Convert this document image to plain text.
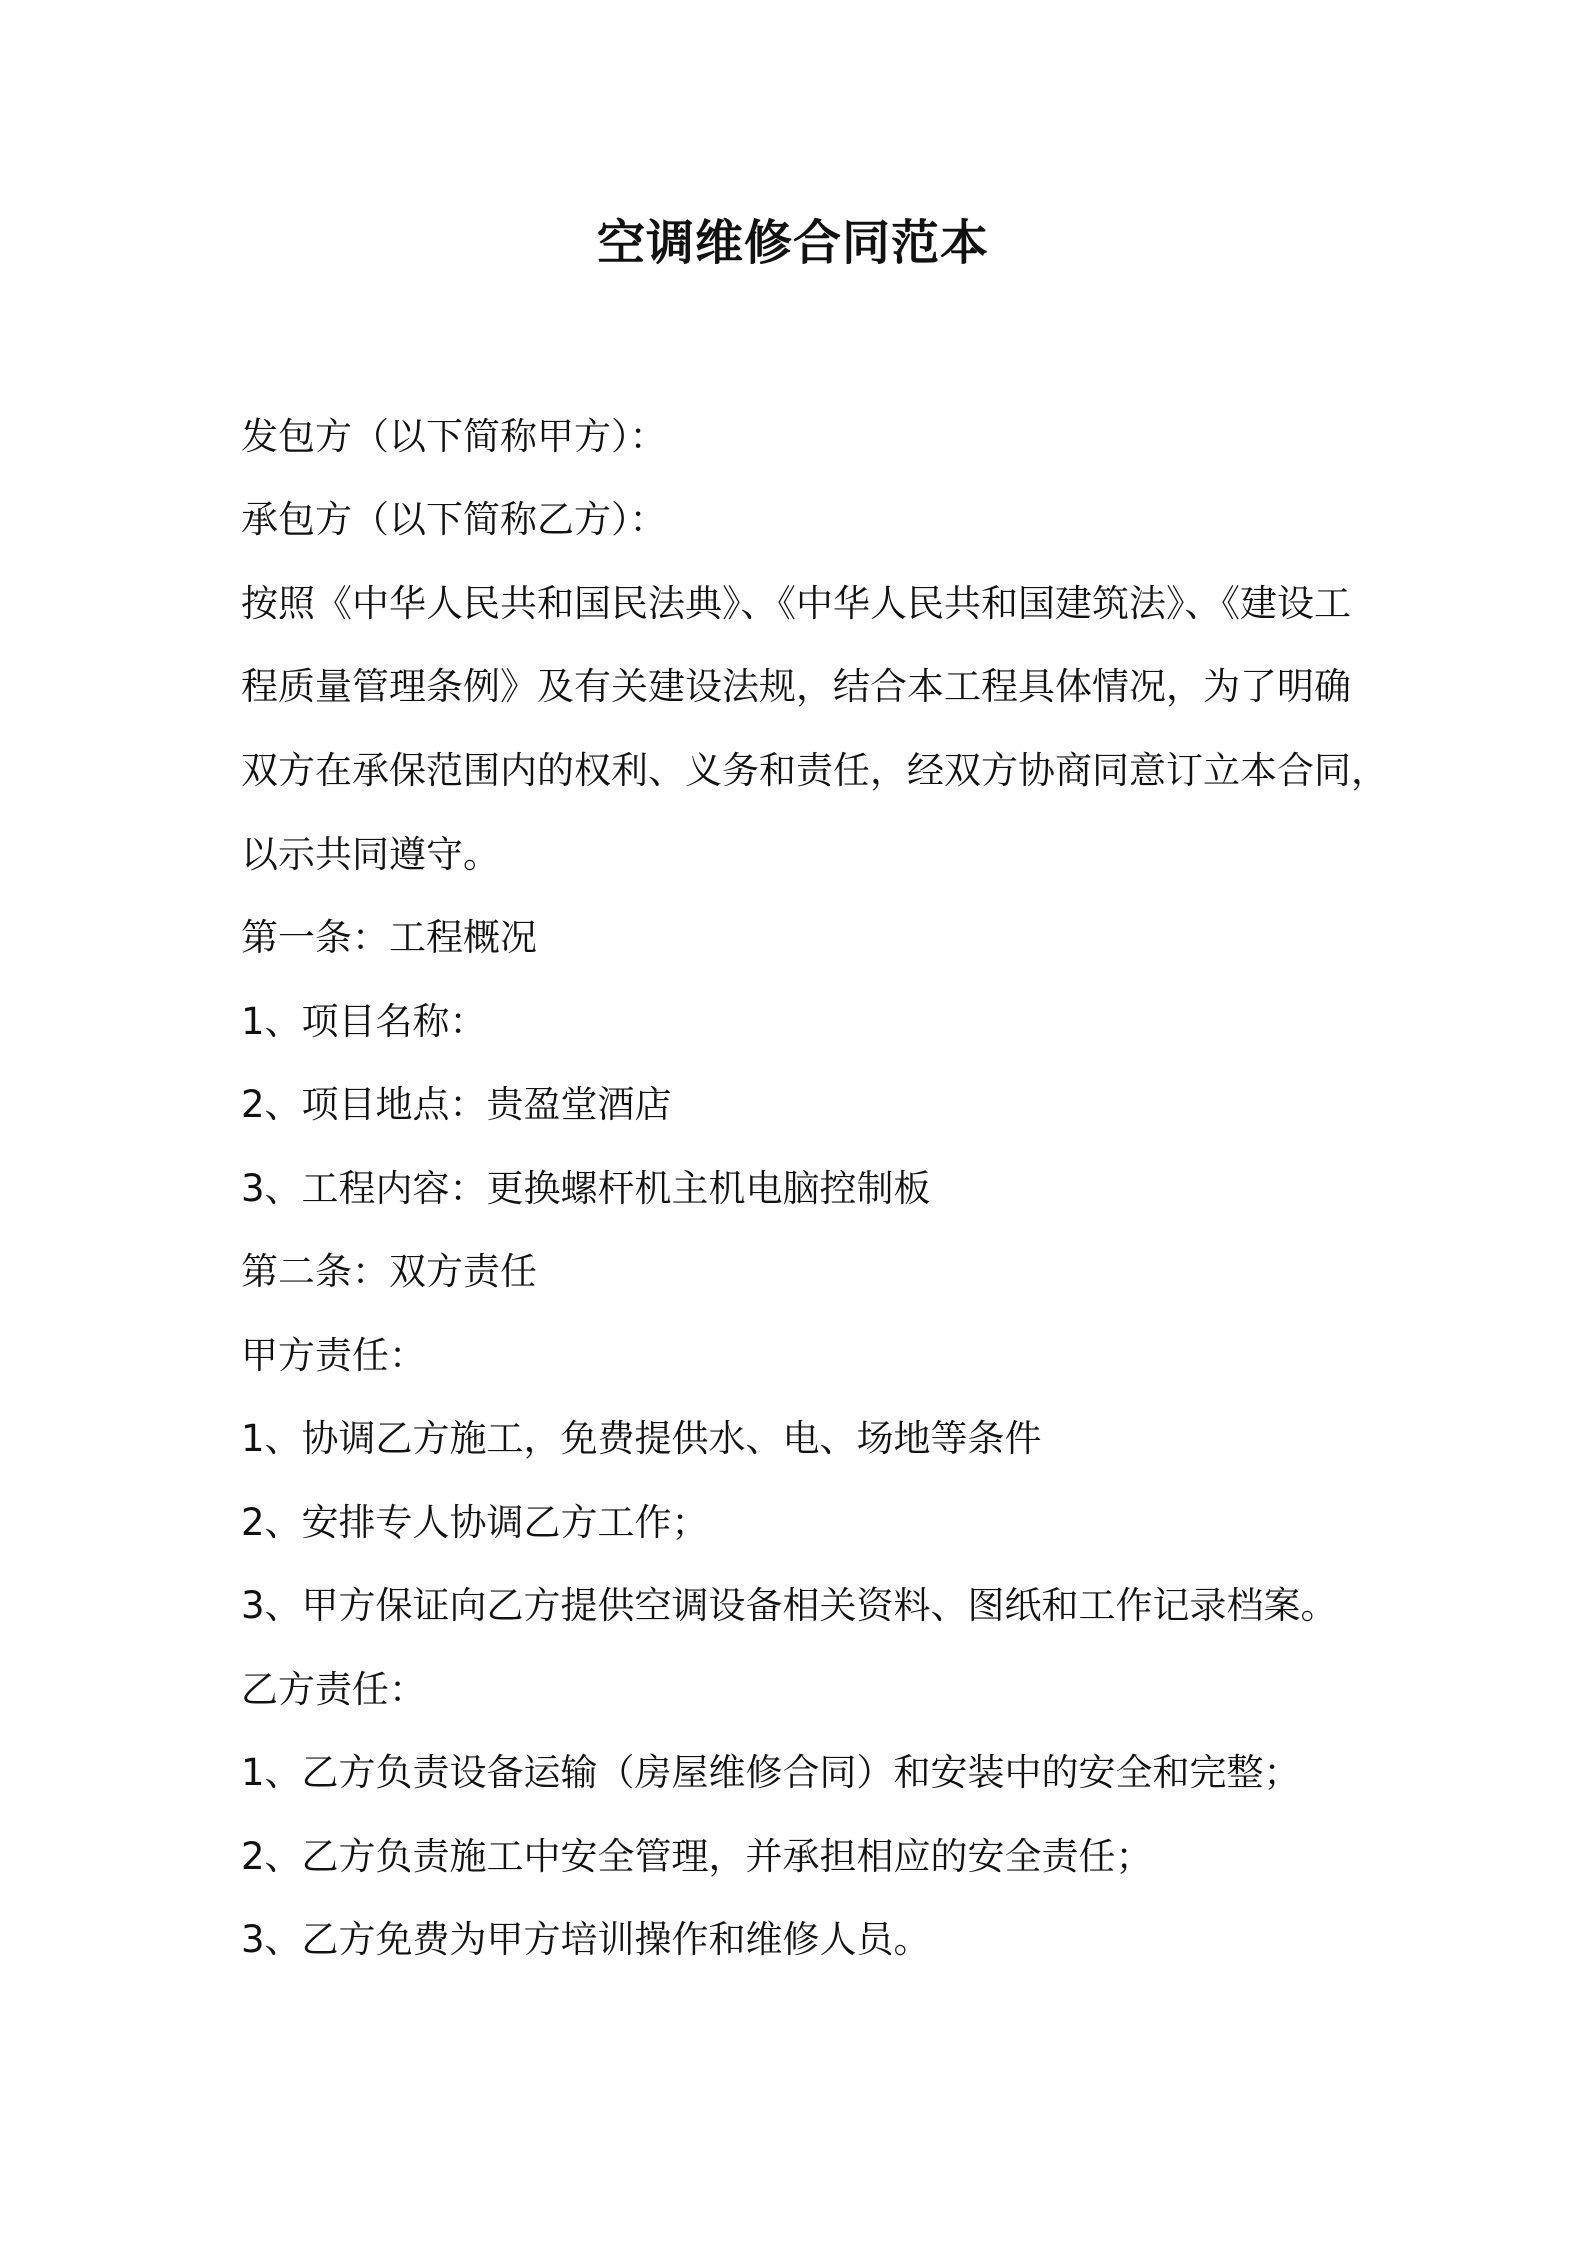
空调维修合同范本

发包方（以下简称甲方）：

承包方（以下简称乙方）：

按照《中华人民共和国民法典》、《中华人民共和国建筑法》、《建设工

程质量管理条例》及有关建设法规，结合本工程具体情况，为了明确

双方在承保范围内的权利、义务和责任，经双方协商同意订立本合同，

以示共同遵守。

第一条：工程概况

1、项目名称：

2、项目地点：贵盈堂酒店

3、工程内容：更换螺杆机主机电脑控制板

第二条：双方责任

甲方责任：

1、协调乙方施工，免费提供水、电、场地等条件

2、安排专人协调乙方工作；

3、甲方保证向乙方提供空调设备相关资料、图纸和工作记录档案。

乙方责任：

1、乙方负责设备运输（房屋维修合同）和安装中的安全和完整；

2、乙方负责施工中安全管理，并承担相应的安全责任；

3、乙方免费为甲方培训操作和维修人员。
